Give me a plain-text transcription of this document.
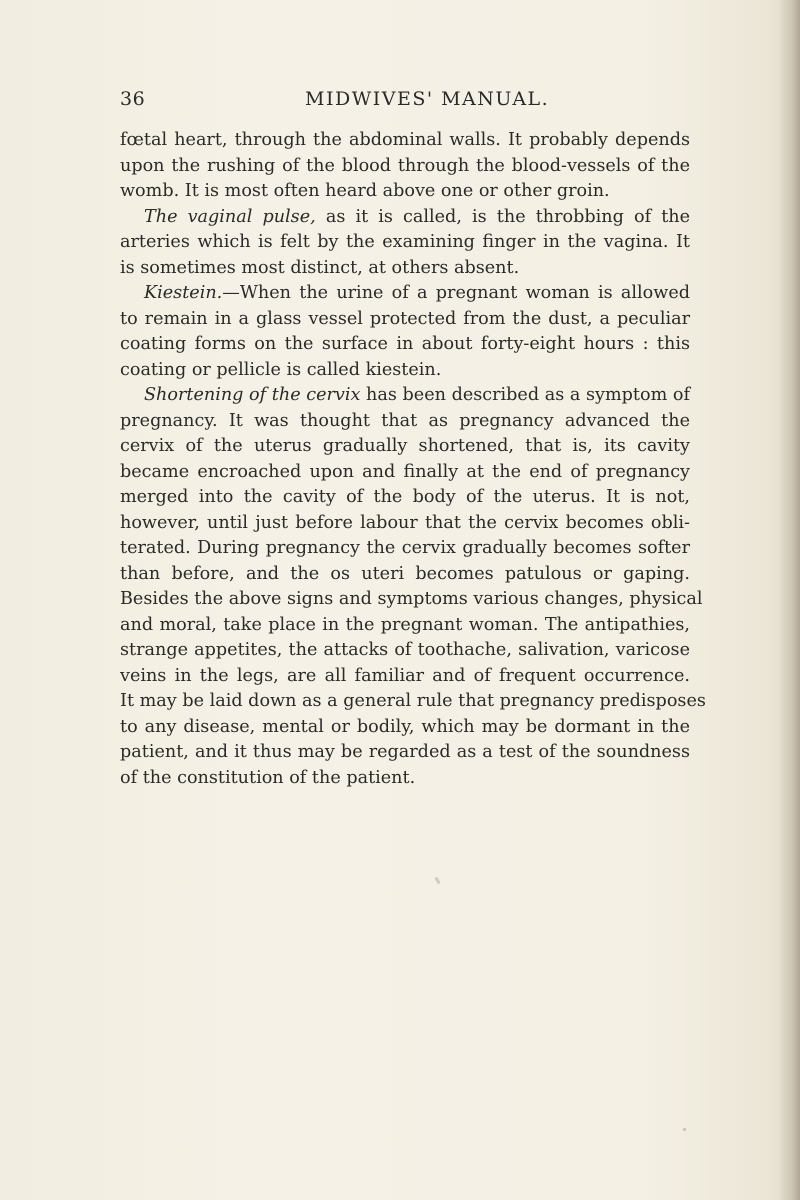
36	MIDWIVES' MANUAL.
fœtal heart, through the abdominal walls. It probably depends
upon the rushing of the blood through the blood-vessels of the
womb. It is most often heard above one or other groin.
The vaginal pulse, as it is called, is the throbbing of the
arteries which is felt by the examining finger in the vagina. It
is sometimes most distinct, at others absent.
Kiestein.—When the urine of a pregnant woman is allowed
to remain in a glass vessel protected from the dust, a peculiar
coating forms on the surface in about forty-eight hours : this
coating or pellicle is called kiestein.
Shortening of the cervix has been described as a symptom of
pregnancy. It was thought that as pregnancy advanced the
cervix of the uterus gradually shortened, that is, its cavity
became encroached upon and finally at the end of pregnancy
merged into the cavity of the body of the uterus. It is not,
however, until just before labour that the cervix becomes obli-
terated. During pregnancy the cervix gradually becomes softer
than before, and the os uteri becomes patulous or gaping.
Besides the above signs and symptoms various changes, physical
and moral, take place in the pregnant woman. The antipathies,
strange appetites, the attacks of toothache, salivation, varicose
veins in the legs, are all familiar and of frequent occurrence.
It may be laid down as a general rule that pregnancy predisposes
to any disease, mental or bodily, which may be dormant in the
patient, and it thus may be regarded as a test of the soundness
of the constitution of the patient.
